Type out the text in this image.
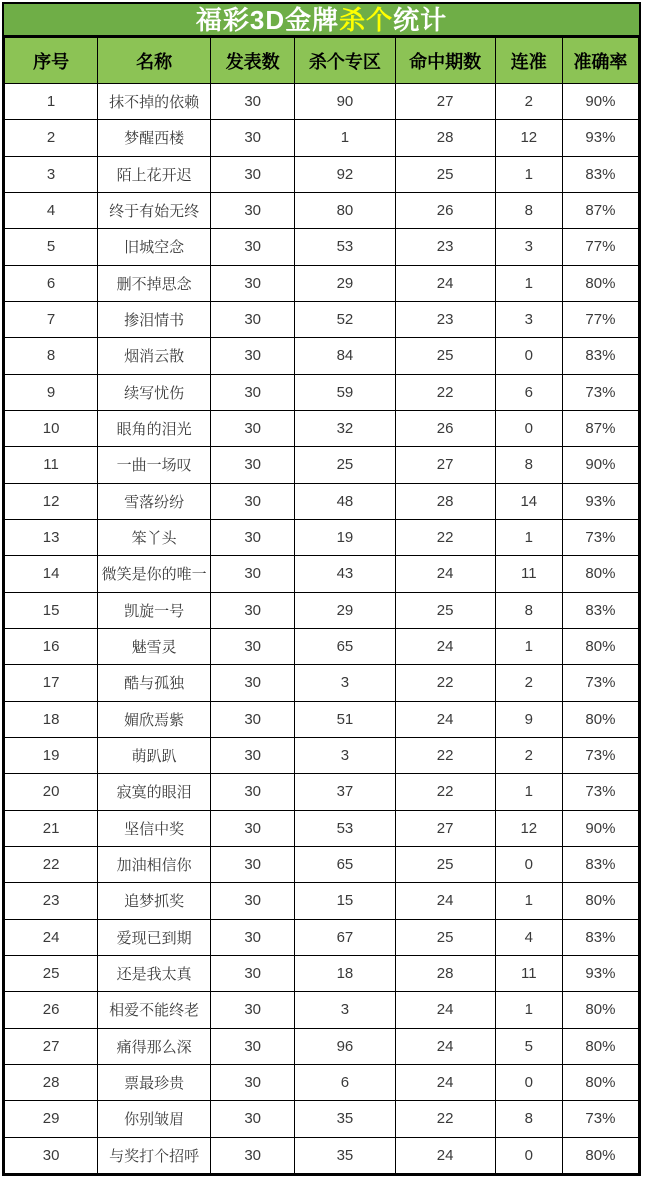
福彩3D金牌 杀个 统计
序号	名称	发表数	杀个专区	命中期数	连准	准确率
1	抹不掉的依赖	30	90	27	2	90%
2	梦醒西楼	30	1	28	12	93%
3	陌上花开迟	30	92	25	1	83%
4	终于有始无终	30	80	26	8	87%
5	旧城空念	30	53	23	3	77%
6	删不掉思念	30	29	24	1	80%
7	掺泪情书	30	52	23	3	77%
8	烟消云散	30	84	25	0	83%
9	续写忧伤	30	59	22	6	73%
10	眼角的泪光	30	32	26	0	87%
11	一曲一场叹	30	25	27	8	90%
12	雪落纷纷	30	48	28	14	93%
13	笨丫头	30	19	22	1	73%
14	微笑是你的唯一	30	43	24	11	80%
15	凯旋一号	30	29	25	8	83%
16	魅雪灵	30	65	24	1	80%
17	酷与孤独	30	3	22	2	73%
18	媚欣焉紫	30	51	24	9	80%
19	萌趴趴	30	3	22	2	73%
20	寂寞的眼泪	30	37	22	1	73%
21	坚信中奖	30	53	27	12	90%
22	加油相信你	30	65	25	0	83%
23	追梦抓奖	30	15	24	1	80%
24	爱现已到期	30	67	25	4	83%
25	还是我太真	30	18	28	11	93%
26	相爱不能终老	30	3	24	1	80%
27	痛得那么深	30	96	24	5	80%
28	票最珍贵	30	6	24	0	80%
29	你别皱眉	30	35	22	8	73%
30	与奖打个招呼	30	35	24	0	80%
